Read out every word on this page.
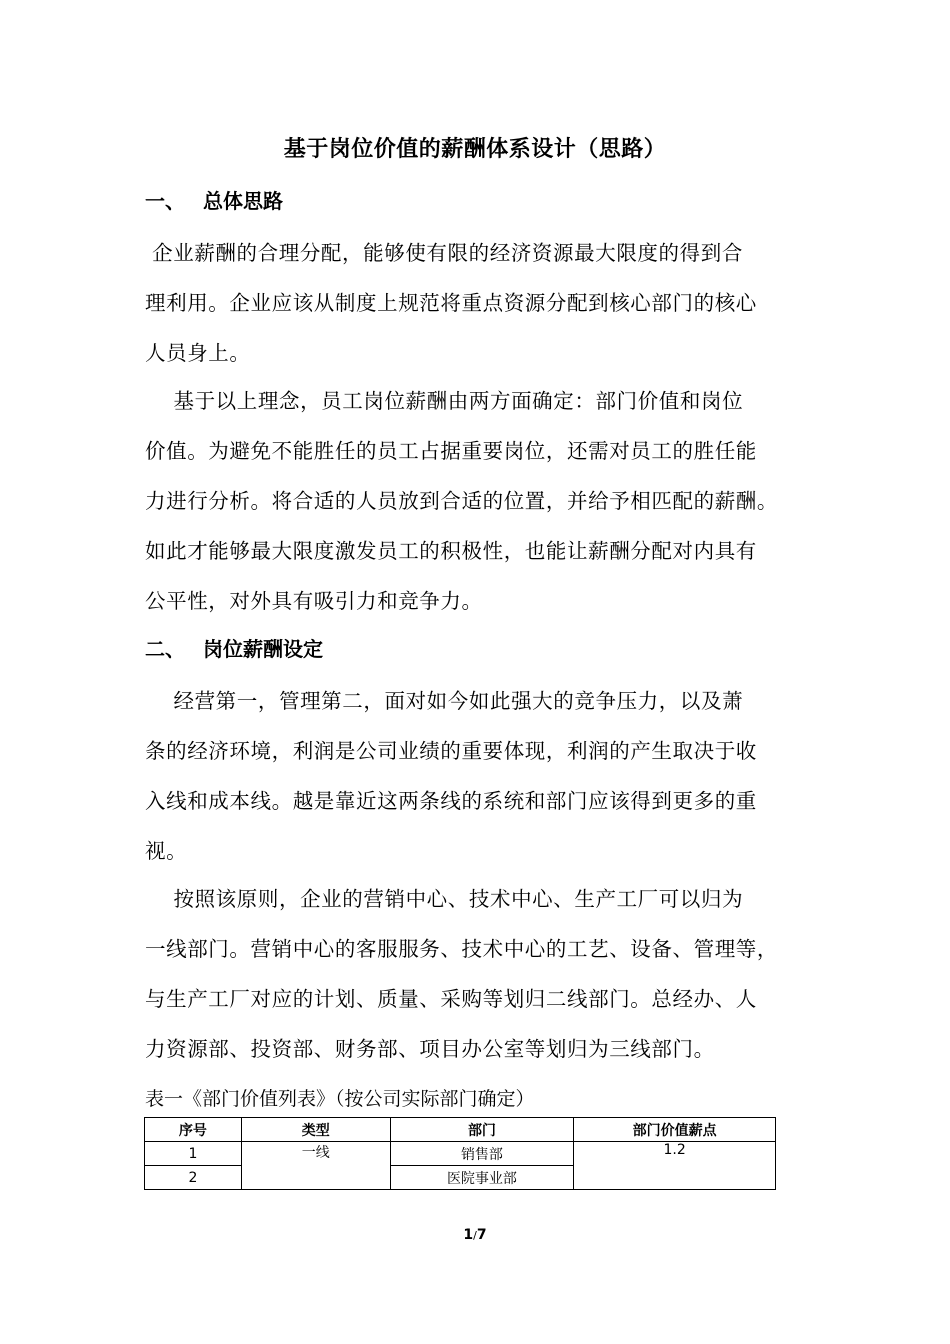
基于岗位价值的薪酬体系设计（思路）
一、 总体思路
企业薪酬的合理分配，能够使有限的经济资源最大限度的得到合
理利用。企业应该从制度上规范将重点资源分配到核心部门的核心
人员身上。
基于以上理念，员工岗位薪酬由两方面确定：部门价值和岗位
价值。为避免不能胜任的员工占据重要岗位，还需对员工的胜任能
力进行分析。将合适的人员放到合适的位置，并给予相匹配的薪酬。
如此才能够最大限度激发员工的积极性，也能让薪酬分配对内具有
公平性，对外具有吸引力和竞争力。
二、 岗位薪酬设定
经营第一，管理第二，面对如今如此强大的竞争压力，以及萧
条的经济环境，利润是公司业绩的重要体现，利润的产生取决于收
入线和成本线。越是靠近这两条线的系统和部门应该得到更多的重
视。
按照该原则，企业的营销中心、技术中心、生产工厂可以归为
一线部门。营销中心的客服服务、技术中心的工艺、设备、管理等，
与生产工厂对应的计划、质量、采购等划归二线部门。总经办、人
力资源部、投资部、财务部、项目办公室等划归为三线部门。
表一《部门价值列表》（按公司实际部门确定）
序号	类型	部门	部门价值薪点
1	一线	销售部	1.2
2		医院事业部	
1/7
